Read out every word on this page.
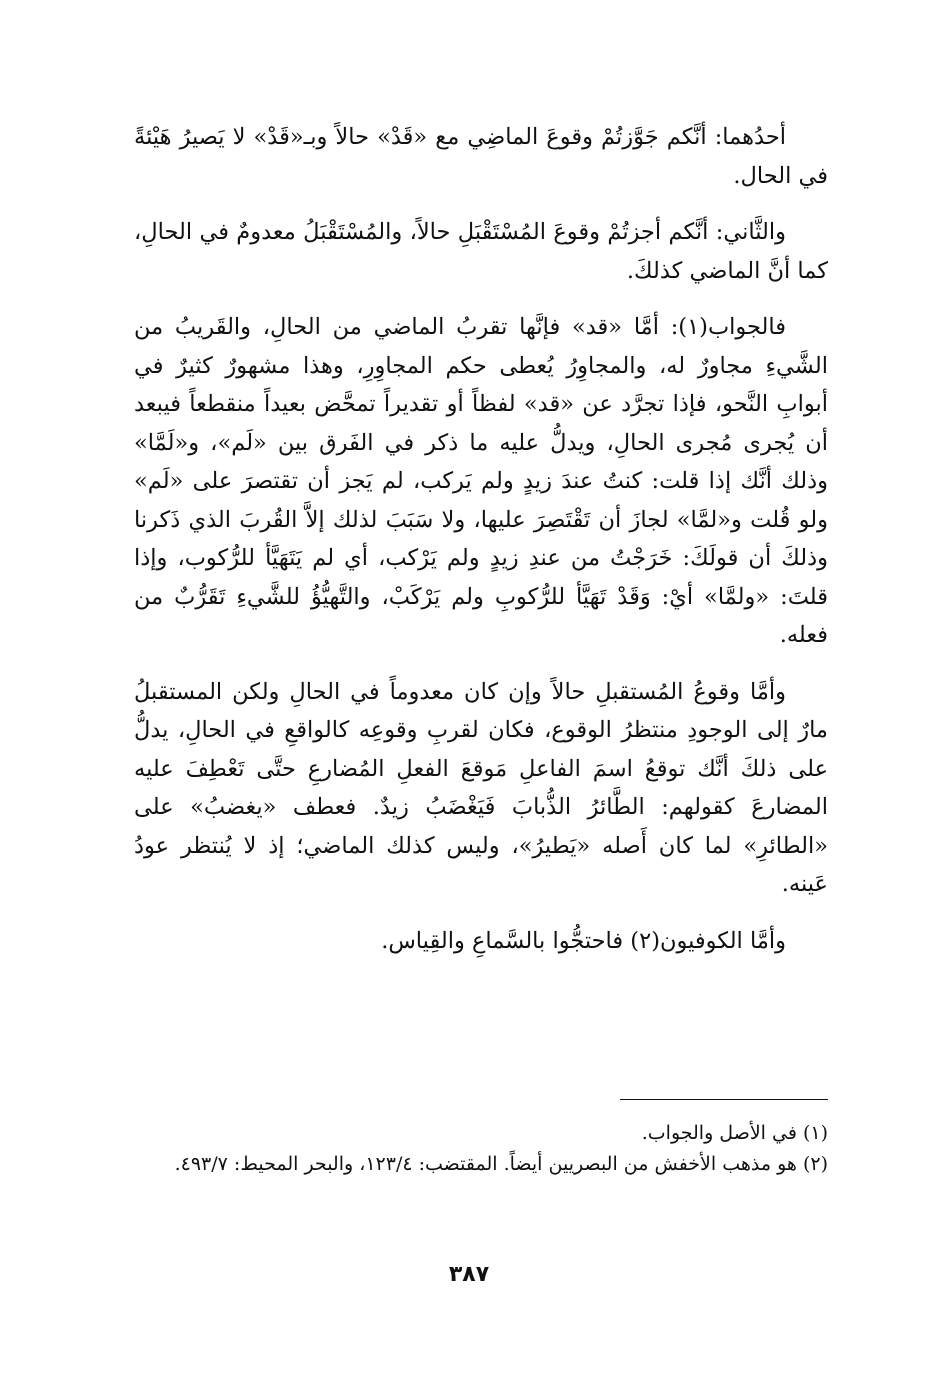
أحدُهما: أنَّكم جَوَّزتُمْ وقوعَ الماضِي مع «قَدْ» حالاً وبـ«قَدْ» لا يَصيرُ هَيْئةً في الحال.

والثَّاني: أنَّكم أجزتُمْ وقوعَ المُسْتَقْبَلِ حالاً، والمُسْتَقْبَلُ معدومٌ في الحالِ، كما أنَّ الماضي كذلكَ.

فالجواب(١): أمَّا «قد» فإنَّها تقربُ الماضي من الحالِ، والقَريبُ من الشَّيءِ مجاورٌ له، والمجاوِرُ يُعطى حكم المجاوِرِ، وهذا مشهورٌ كثيرٌ في أبوابِ النَّحو، فإذا تجرَّد عن «قد» لفظاً أو تقديراً تمحَّض بعيداً منقطعاً فيبعد أن يُجرى مُجرى الحالِ، ويدلُّ عليه ما ذكر في الفَرق بين «لَم»، و«لَمَّا» وذلك أنَّك إذا قلت: كنتُ عندَ زيدٍ ولم يَركب، لم يَجز أن تقتصرَ على «لَم» ولو قُلت و«لمَّا» لجازَ أن تَقْتَصِرَ عليها، ولا سَبَبَ لذلك إلاَّ القُربَ الذي ذَكرنا وذلكَ أن قولَكَ: خَرَجْتُ من عندِ زيدٍ ولم يَرْكب، أي لم يَتَهَيَّأ للرُّكوب، وإذا قلتَ: «ولمَّا» أيْ: وَقَدْ تَهَيَّأ للرُّكوبِ ولم يَرْكَبْ، والتَّهيُّؤُ للشَّيءِ تَقَرُّبٌ من فعله.

وأمَّا وقوعُ المُستقبلِ حالاً وإن كان معدوماً في الحالِ ولكن المستقبلُ مارٌ إلى الوجودِ منتظرُ الوقوع، فكان لقربِ وقوعِه كالواقعِ في الحالِ، يدلُّ على ذلكَ أنَّك توقعُ اسمَ الفاعلِ مَوقعَ الفعلِ المُضارعِ حتَّى تَعْطِفَ عليه المضارعَ كقولهم: الطَّائرُ الذُّبابَ فَيَغْضَبُ زيدٌ. فعطف «يغضبُ» على «الطائرِ» لما كان أَصله «يَطيرُ»، وليس كذلك الماضي؛ إذ لا يُنتظر عودُ عَينه.

وأمَّا الكوفيون(٢) فاحتجُّوا بالسَّماعِ والقِياس.

(١) في الأصل والجواب.

(٢) هو مذهب الأخفش من البصريين أيضاً. المقتضب: ١٢٣/٤، والبحر المحيط: ٤٩٣/٧.

٣٨٧
